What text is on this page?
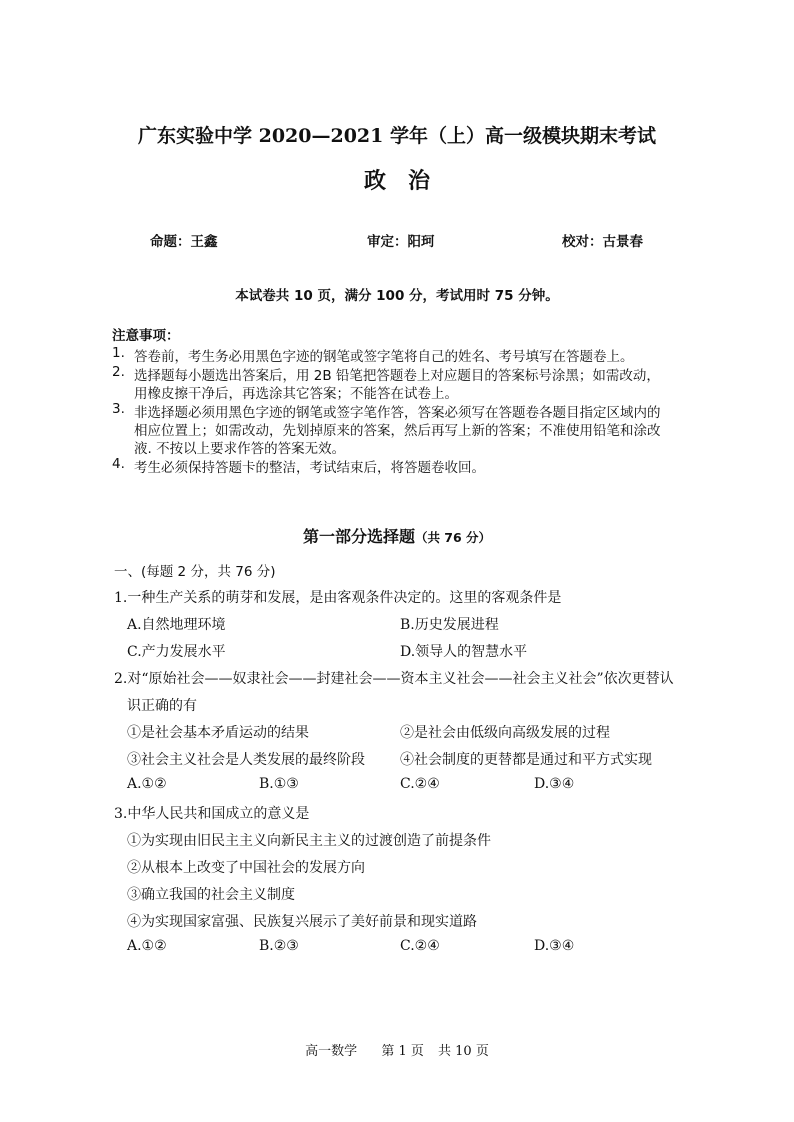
广东实验中学 2020—2021 学年（上）高一级模块期末考试
政治
命题：王鑫	审定：阳珂	校对：古景春
本试卷共 10 页，满分 100 分，考试用时 75 分钟。
注意事项：
1. 答卷前，考生务必用黑色字迹的钢笔或签字笔将自己的姓名、考号填写在答题卷上。
2. 选择题每小题选出答案后，用 2B 铅笔把答题卷上对应题目的答案标号涂黑；如需改动，
用橡皮擦干净后，再选涂其它答案；不能答在试卷上。
3. 非选择题必须用黑色字迹的钢笔或签字笔作答，答案必须写在答题卷各题目指定区域内的
相应位置上；如需改动，先划掉原来的答案，然后再写上新的答案；不准使用铅笔和涂改
液. 不按以上要求作答的答案无效。
4. 考生必须保持答题卡的整洁，考试结束后，将答题卷收回。
第一部分选择题（共 76 分）
一、(每题 2 分，共 76 分)
1.一种生产关系的萌芽和发展，是由客观条件决定的。这里的客观条件是
A.自然地理环境	B.历史发展进程
C.产力发展水平	D.领导人的智慧水平
2.对“原始社会——奴隶社会——封建社会——资本主义社会——社会主义社会”依次更替认
识正确的有
①是社会基本矛盾运动的结果	②是社会由低级向高级发展的过程
③社会主义社会是人类发展的最终阶段	④社会制度的更替都是通过和平方式实现
A.①②	B.①③	C.②④	D.③④
3.中华人民共和国成立的意义是
①为实现由旧民主主义向新民主主义的过渡创造了前提条件
②从根本上改变了中国社会的发展方向
③确立我国的社会主义制度
④为实现国家富强、民族复兴展示了美好前景和现实道路
A.①②	B.②③	C.②④	D.③④
高一数学 第 1 页 共 10 页
